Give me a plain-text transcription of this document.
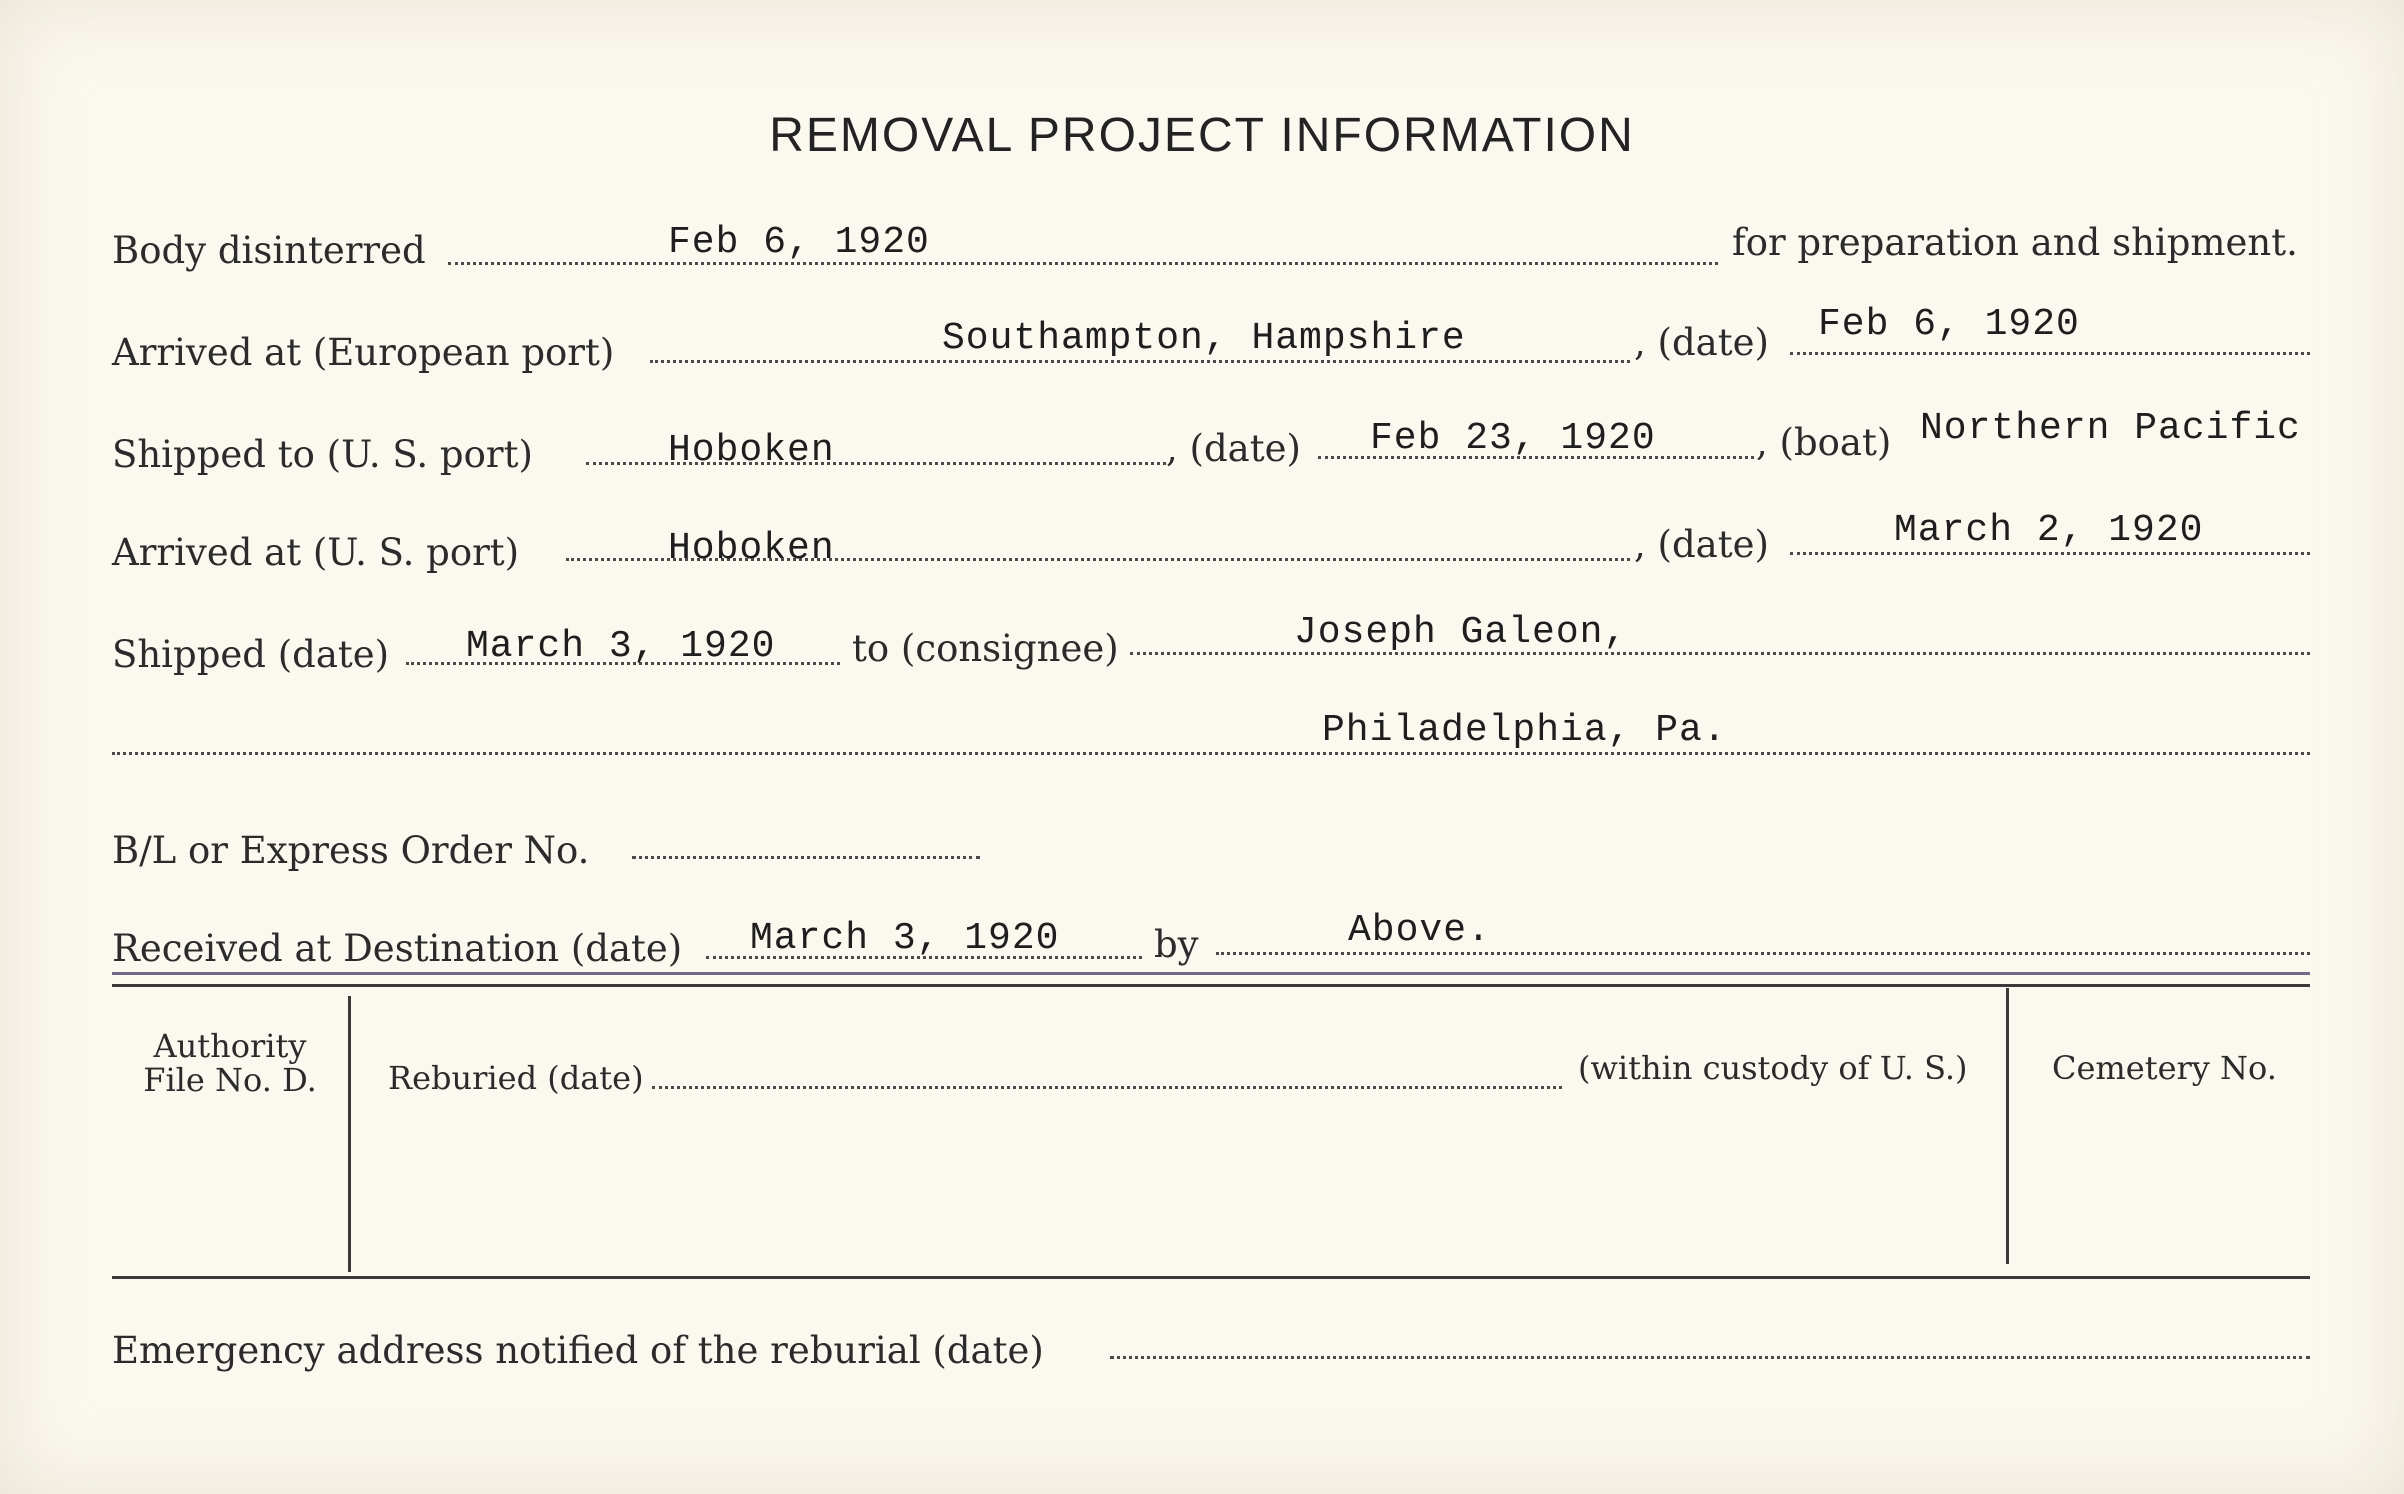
REMOVAL PROJECT INFORMATION
Body disinterred	Feb 6, 1920	for preparation and shipment.
Arrived at (European port)	Southampton, Hampshire	, (date) Feb 6, 1920
Shipped to (U. S. port)	Hoboken	, (date) Feb 23, 1920	, (boat) Northern Pacific
Arrived at (U. S. port)	Hoboken	, (date)	March 2, 1920
Shipped (date) March 3, 1920 to (consignee)	Joseph Galeon,
Philadelphia, Pa.
B/L or Express Order No.
Received at Destination (date) March 3, 1920	by	Above.
Authority
File No. D.	Reburied (date)	(within custody of U. S.)	Cemetery No.
Emergency address notified of the reburial (date)
